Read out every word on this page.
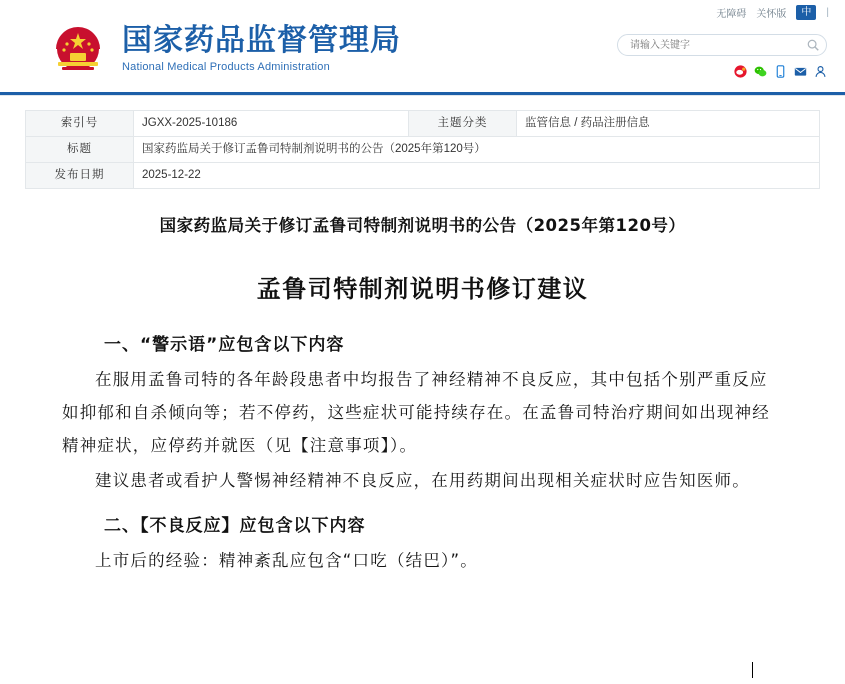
无障碍 关怀版	中	|
国家药品监督管理局
National Medical Products Administration
请输入关键字
索引号	JGXX-2025-10186	主题分类	监管信息 / 药品注册信息
标题	国家药监局关于修订孟鲁司特制剂说明书的公告（2025年第120号）		
发布日期	2025-12-22		
国家药监局关于修订孟鲁司特制剂说明书的公告（2025年第120号）
孟鲁司特制剂说明书修订建议
一、“警示语”应包含以下内容

在服用孟鲁司特的各年龄段患者中均报告了神经精神不良反应，其中包括个别严重反应如抑郁和自杀倾向等；若不停药，这些症状可能持续存在。在孟鲁司特治疗期间如出现神经精神症状，应停药并就医（见【注意事项】）。

建议患者或看护人警惕神经精神不良反应，在用药期间出现相关症状时应告知医师。

二、【不良反应】应包含以下内容

上市后的经验：精神紊乱应包含“口吃（结巴）”。
